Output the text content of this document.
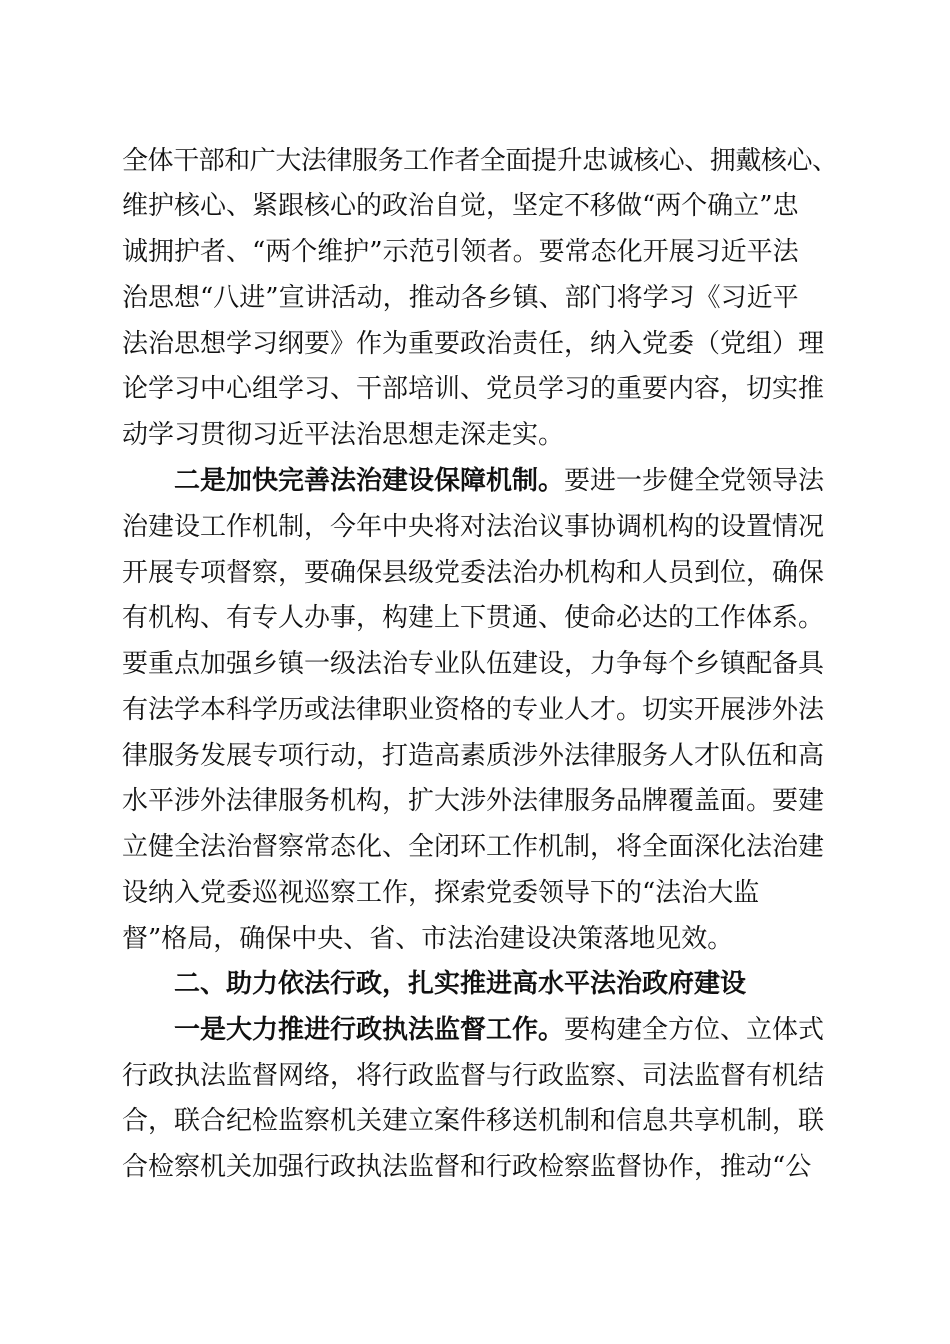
全体干部和广大法律服务工作者全面提升忠诚核心、拥戴核心、
维护核心、紧跟核心的政治自觉，坚定不移做“两个确立”忠
诚拥护者、“两个维护”示范引领者。要常态化开展习近平法
治思想“八进”宣讲活动，推动各乡镇、部门将学习《习近平
法治思想学习纲要》作为重要政治责任，纳入党委（党组）理
论学习中心组学习、干部培训、党员学习的重要内容，切实推
动学习贯彻习近平法治思想走深走实。
二是加快完善法治建设保障机制。要进一步健全党领导法
治建设工作机制，今年中央将对法治议事协调机构的设置情况
开展专项督察，要确保县级党委法治办机构和人员到位，确保
有机构、有专人办事，构建上下贯通、使命必达的工作体系。
要重点加强乡镇一级法治专业队伍建设，力争每个乡镇配备具
有法学本科学历或法律职业资格的专业人才。切实开展涉外法
律服务发展专项行动，打造高素质涉外法律服务人才队伍和高
水平涉外法律服务机构，扩大涉外法律服务品牌覆盖面。要建
立健全法治督察常态化、全闭环工作机制，将全面深化法治建
设纳入党委巡视巡察工作，探索党委领导下的“法治大监
督”格局，确保中央、省、市法治建设决策落地见效。
二、助力依法行政，扎实推进高水平法治政府建设
一是大力推进行政执法监督工作。要构建全方位、立体式
行政执法监督网络，将行政监督与行政监察、司法监督有机结
合，联合纪检监察机关建立案件移送机制和信息共享机制，联
合检察机关加强行政执法监督和行政检察监督协作，推动“公
